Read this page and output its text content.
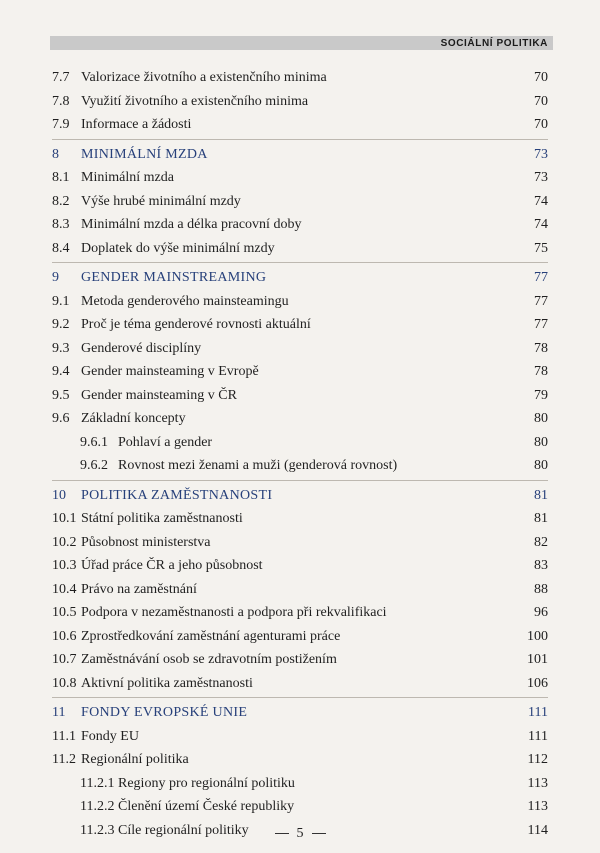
SOCIÁLNÍ POLITIKA
7.7 Valorizace životního a existenčního minima	70
7.8 Využití životního a existenčního minima	70
7.9 Informace a žádosti	70
8 MINIMÁLNÍ MZDA	73
8.1 Minimální mzda	73
8.2 Výše hrubé minimální mzdy	74
8.3 Minimální mzda a délka pracovní doby	74
8.4 Doplatek do výše minimální mzdy	75
9 GENDER MAINSTREAMING	77
9.1 Metoda genderového mainsteamingu	77
9.2 Proč je téma genderové rovnosti aktuální	77
9.3 Genderové disciplíny	78
9.4 Gender mainsteaming v Evropě	78
9.5 Gender mainsteaming v ČR	79
9.6 Základní koncepty	80
9.6.1 Pohlaví a gender	80
9.6.2 Rovnost mezi ženami a muži (genderová rovnost)	80
10 POLITIKA ZAMĚSTNANOSTI	81
10.1 Státní politika zaměstnanosti	81
10.2 Působnost ministerstva	82
10.3 Úřad práce ČR a jeho působnost	83
10.4 Právo na zaměstnání	88
10.5 Podpora v nezaměstnanosti a podpora při rekvalifikaci	96
10.6 Zprostředkování zaměstnání agenturami práce	100
10.7 Zaměstnávání osob se zdravotním postižením	101
10.8 Aktivní politika zaměstnanosti	106
11 FONDY EVROPSKÉ UNIE	111
11.1 Fondy EU	111
11.2 Regionální politika	112
11.2.1 Regiony pro regionální politiku	113
11.2.2 Členění území České republiky	113
11.2.3 Cíle regionální politiky	114
5
